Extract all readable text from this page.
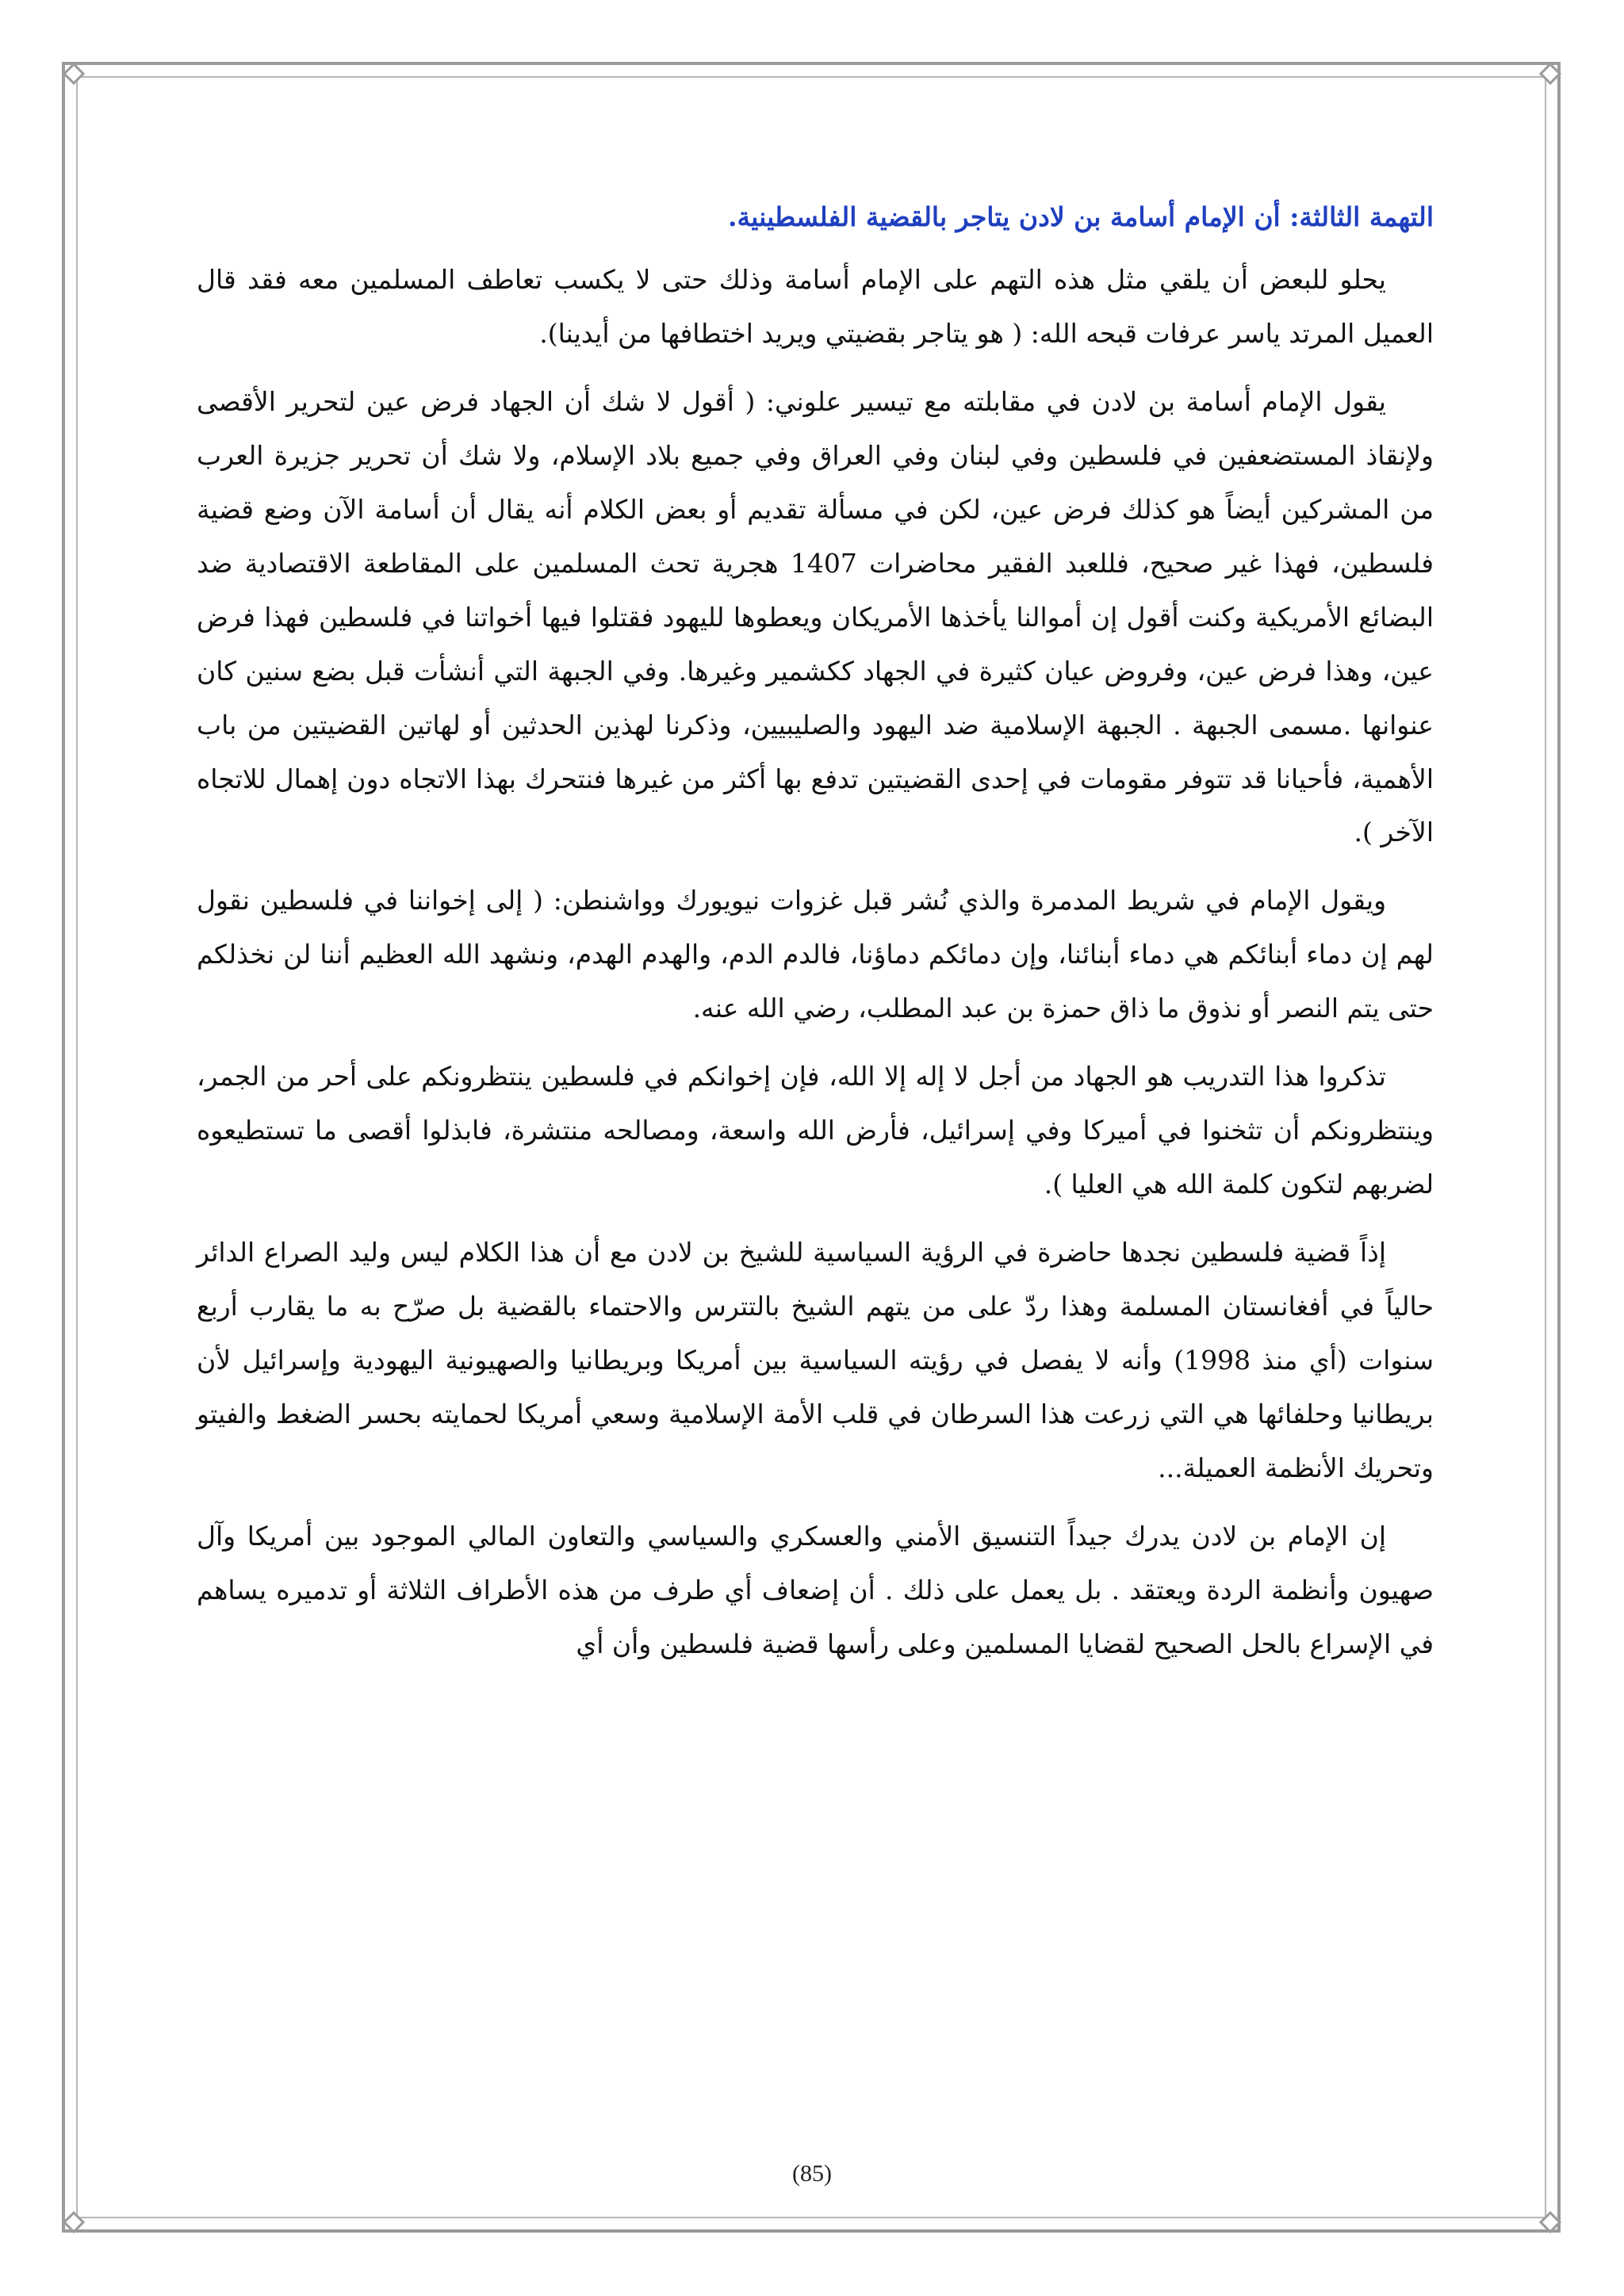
التهمة الثالثة: أن الإمام أسامة بن لادن يتاجر بالقضية الفلسطينية.

يحلو للبعض أن يلقي مثل هذه التهم على الإمام أسامة وذلك حتى لا يكسب تعاطف المسلمين معه فقد قال العميل المرتد ياسر عرفات قبحه الله: ( هو يتاجر بقضيتي ويريد اختطافها من أيدينا).

يقول الإمام أسامة بن لادن في مقابلته مع تيسير علوني: ( أقول لا شك أن الجهاد فرض عين لتحرير الأقصى ولإنقاذ المستضعفين في فلسطين وفي لبنان وفي العراق وفي جميع بلاد الإسلام، ولا شك أن تحرير جزيرة العرب من المشركين أيضاً هو كذلك فرض عين، لكن في مسألة تقديم أو بعض الكلام أنه يقال أن أسامة الآن وضع قضية فلسطين، فهذا غير صحيح، فللعبد الفقير محاضرات 1407 هجرية تحث المسلمين على المقاطعة الاقتصادية ضد البضائع الأمريكية وكنت أقول إن أموالنا يأخذها الأمريكان ويعطوها لليهود فقتلوا فيها أخواتنا في فلسطين فهذا فرض عين، وهذا فرض عين، وفروض عيان كثيرة في الجهاد ككشمير وغيرها. وفي الجبهة التي أنشأت قبل بضع سنين كان عنوانها .مسمى الجبهة . الجبهة الإسلامية ضد اليهود والصليبيين، وذكرنا لهذين الحدثين أو لهاتين القضيتين من باب الأهمية، فأحيانا قد تتوفر مقومات في إحدى القضيتين تدفع بها أكثر من غيرها فنتحرك بهذا الاتجاه دون إهمال للاتجاه الآخر ).

ويقول الإمام في شريط المدمرة والذي نُشر قبل غزوات نيويورك وواشنطن: ( إلى إخواننا في فلسطين نقول لهم إن دماء أبنائكم هي دماء أبنائنا، وإن دمائكم دماؤنا، فالدم الدم، والهدم الهدم، ونشهد الله العظيم أننا لن نخذلكم حتى يتم النصر أو نذوق ما ذاق حمزة بن عبد المطلب، رضي الله عنه.

تذكروا هذا التدريب هو الجهاد من أجل لا إله إلا الله، فإن إخوانكم في فلسطين ينتظرونكم على أحر من الجمر، وينتظرونكم أن تثخنوا في أميركا وفي إسرائيل، فأرض الله واسعة، ومصالحه منتشرة، فابذلوا أقصى ما تستطيعوه لضربهم لتكون كلمة الله هي العليا ).

إذاً قضية فلسطين نجدها حاضرة في الرؤية السياسية للشيخ بن لادن مع أن هذا الكلام ليس وليد الصراع الدائر حالياً في أفغانستان المسلمة وهذا ردّ على من يتهم الشيخ بالتترس والاحتماء بالقضية بل صرّح به ما يقارب أربع سنوات (أي منذ 1998) وأنه لا يفصل في رؤيته السياسية بين أمريكا وبريطانيا والصهيونية اليهودية وإسرائيل لأن بريطانيا وحلفائها هي التي زرعت هذا السرطان في قلب الأمة الإسلامية وسعي أمريكا لحمايته بحسر الضغط والفيتو وتحريك الأنظمة العميلة...

إن الإمام بن لادن يدرك جيداً التنسيق الأمني والعسكري والسياسي والتعاون المالي الموجود بين أمريكا وآل صهيون وأنظمة الردة ويعتقد . بل يعمل على ذلك . أن إضعاف أي طرف من هذه الأطراف الثلاثة أو تدميره يساهم في الإسراع بالحل الصحيح لقضايا المسلمين وعلى رأسها قضية فلسطين وأن أي

(85)
